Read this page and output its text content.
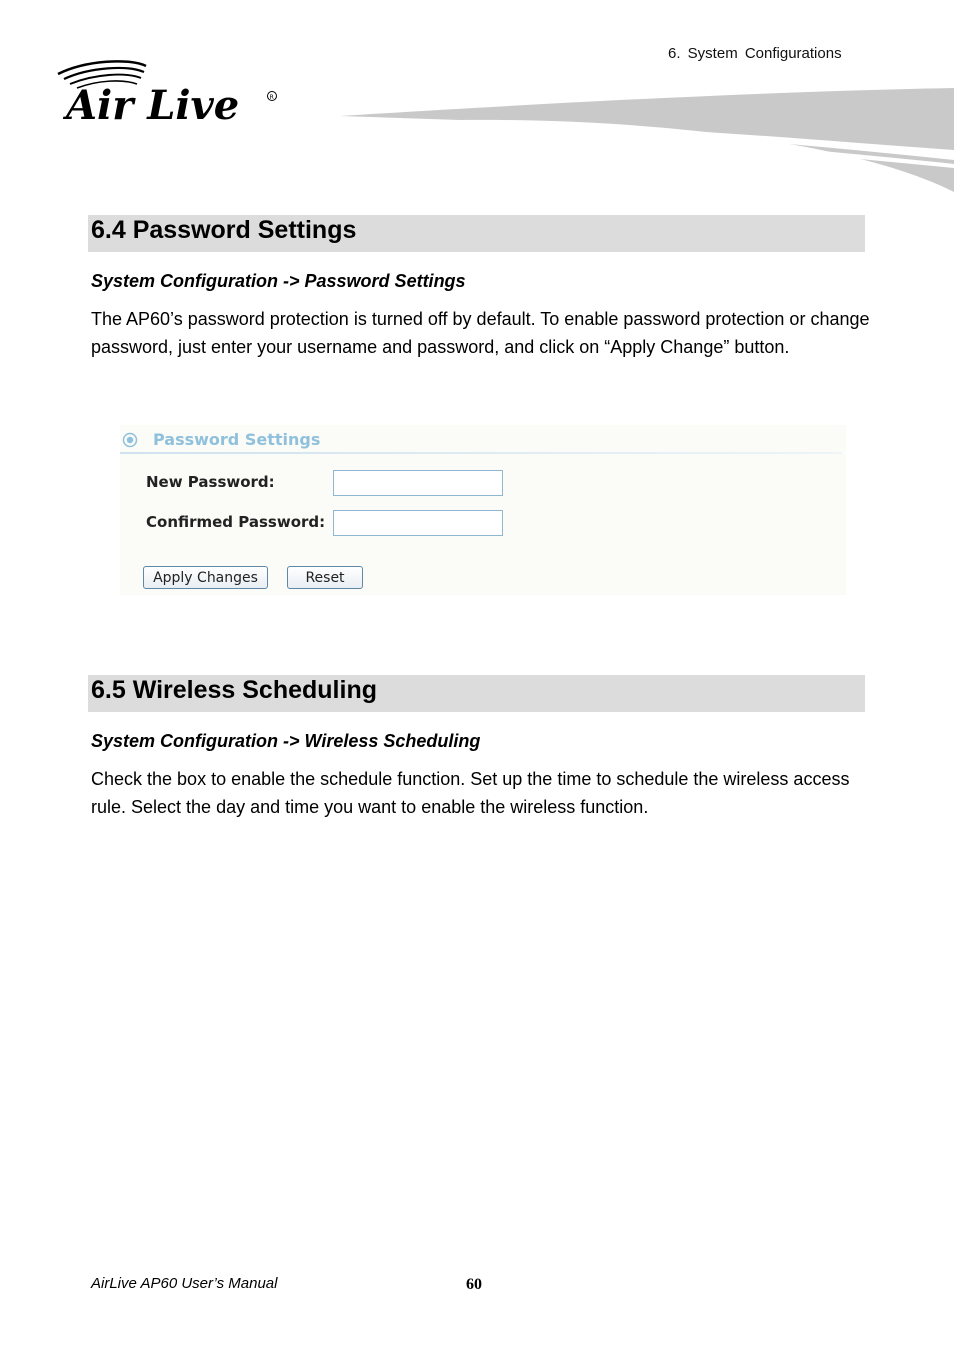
6. System Configurations
Air Live	R
6.4 Password Settings
System Configuration -> Password Settings

The AP60’s password protection is turned off by default. To enable password protection or change password, just enter your username and password, and click on “Apply Change” button.

Password Settings
New Password:
Confirmed Password:
Apply Changes	Reset
6.5 Wireless Scheduling
System Configuration -> Wireless Scheduling

Check the box to enable the schedule function. Set up the time to schedule the wireless access rule. Select the day and time you want to enable the wireless function.

AirLive AP60 User’s Manual	60
